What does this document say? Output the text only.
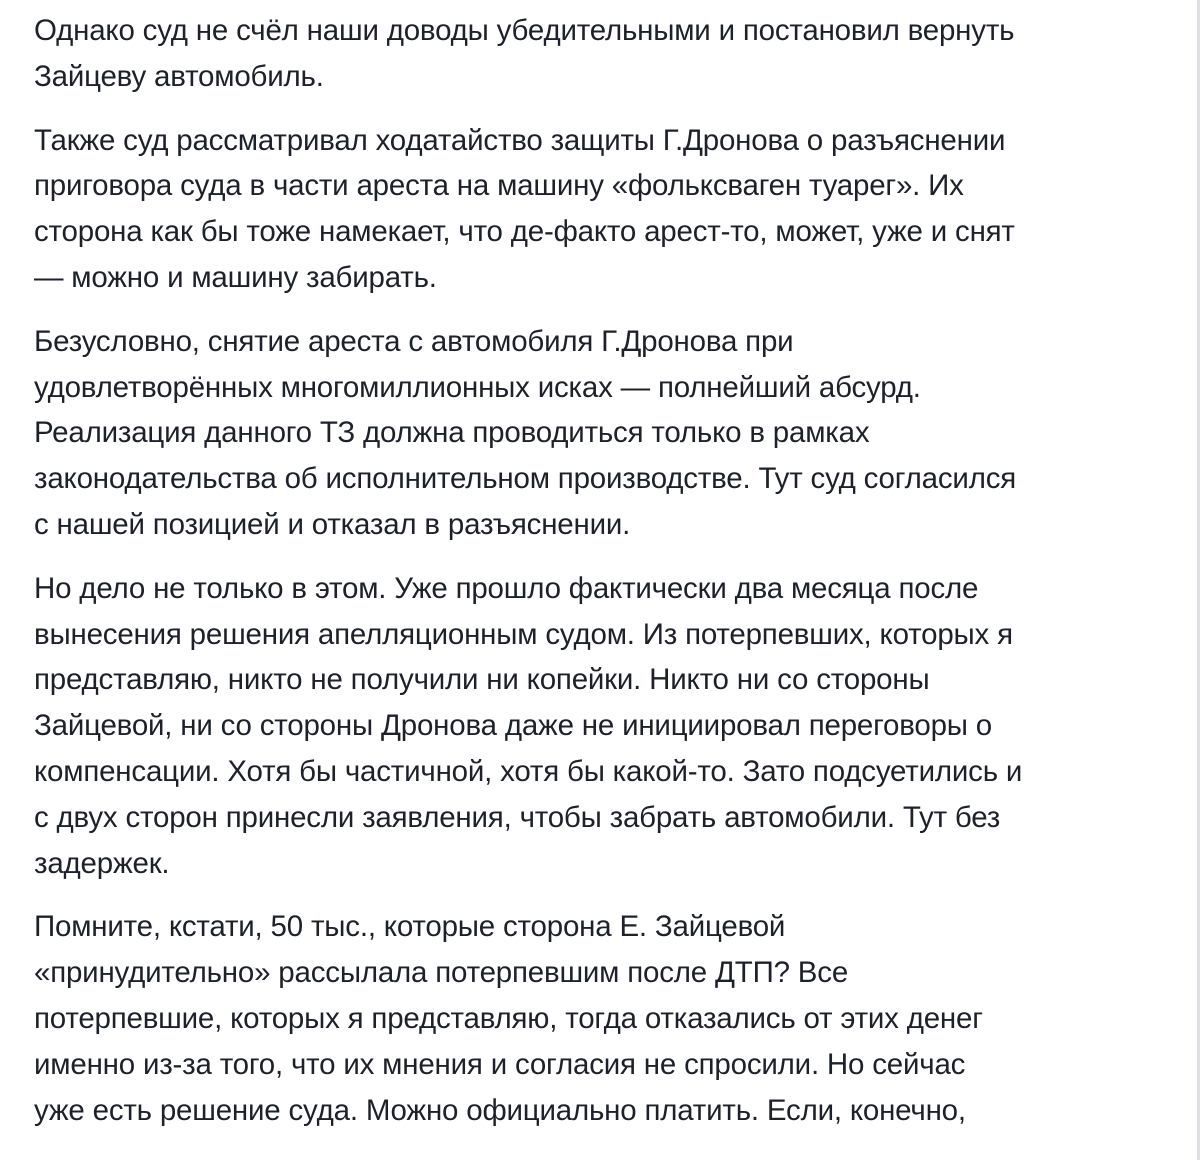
Однако суд не счёл наши доводы убедительными и постановил вернуть
Зайцеву автомобиль.

Также суд рассматривал ходатайство защиты Г.Дронова о разъяснении
приговора суда в части ареста на машину «фольксваген туарег». Их
сторона как бы тоже намекает, что де-факто арест-то, может, уже и снят
— можно и машину забирать.

Безусловно, снятие ареста с автомобиля Г.Дронова при
удовлетворённых многомиллионных исках — полнейший абсурд.
Реализация данного ТЗ должна проводиться только в рамках
законодательства об исполнительном производстве. Тут суд согласился
с нашей позицией и отказал в разъяснении.

Но дело не только в этом. Уже прошло фактически два месяца после
вынесения решения апелляционным судом. Из потерпевших, которых я
представляю, никто не получили ни копейки. Никто ни со стороны
Зайцевой, ни со стороны Дронова даже не инициировал переговоры о
компенсации. Хотя бы частичной, хотя бы какой-то. Зато подсуетились и
с двух сторон принесли заявления, чтобы забрать автомобили. Тут без
задержек.

Помните, кстати, 50 тыс., которые сторона Е. Зайцевой
«принудительно» рассылала потерпевшим после ДТП? Все
потерпевшие, которых я представляю, тогда отказались от этих денег
именно из-за того, что их мнения и согласия не спросили. Но сейчас
уже есть решение суда. Можно официально платить. Если, конечно,
